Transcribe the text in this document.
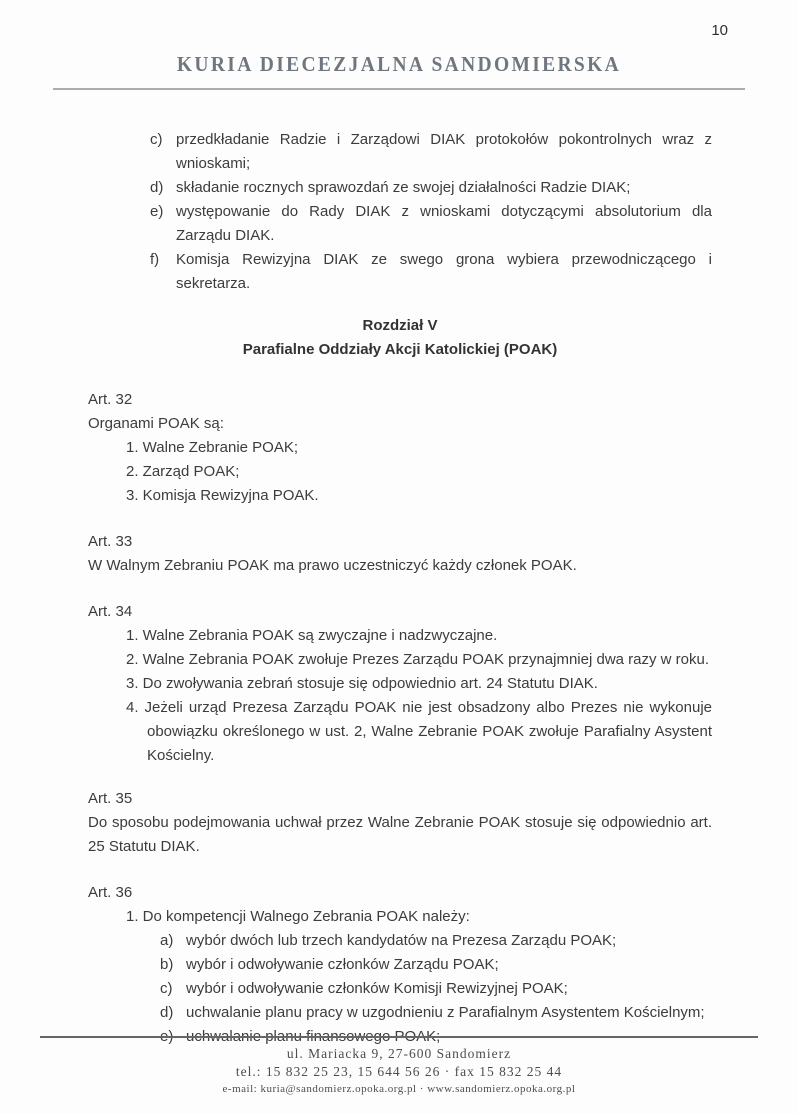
10
KURIA DIECEZJALNA SANDOMIERSKA
c) przedkładanie Radzie i Zarządowi DIAK protokołów pokontrolnych wraz z wnioskami;
d) składanie rocznych sprawozdań ze swojej działalności Radzie DIAK;
e) występowanie do Rady DIAK z wnioskami dotyczącymi absolutorium dla Zarządu DIAK.
f)	Komisja Rewizyjna DIAK ze swego grona wybiera przewodniczącego i sekretarza.
Rozdział V
Parafialne Oddziały Akcji Katolickiej (POAK)
Art. 32
Organami POAK są:
1. Walne Zebranie POAK;
2. Zarząd POAK;
3. Komisja Rewizyjna POAK.
Art. 33
W Walnym Zebraniu POAK ma prawo uczestniczyć każdy członek POAK.
Art. 34
1. Walne Zebrania POAK są zwyczajne i nadzwyczajne.
2. Walne Zebrania POAK zwołuje Prezes Zarządu POAK przynajmniej dwa razy w roku.
3. Do zwoływania zebrań stosuje się odpowiednio art. 24 Statutu DIAK.
4. Jeżeli urząd Prezesa Zarządu POAK nie jest obsadzony albo Prezes nie wykonuje obowiązku określonego w ust. 2, Walne Zebranie POAK zwołuje Parafialny Asystent Kościelny.
Art. 35
Do sposobu podejmowania uchwał przez Walne Zebranie POAK stosuje się odpowiednio art. 25 Statutu DIAK.
Art. 36
1. Do kompetencji Walnego Zebrania POAK należy:
a) wybór dwóch lub trzech kandydatów na Prezesa Zarządu POAK;
b) wybór i odwoływanie członków Zarządu POAK;
c) wybór i odwoływanie członków Komisji Rewizyjnej POAK;
d) uchwalanie planu pracy w uzgodnieniu z Parafialnym Asystentem Kościelnym;
e) uchwalanie planu finansowego POAK;
ul. Mariacka 9, 27-600 Sandomierz
tel.: 15 832 25 23, 15 644 56 26 · fax 15 832 25 44
e-mail: kuria@sandomierz.opoka.org.pl · www.sandomierz.opoka.org.pl
